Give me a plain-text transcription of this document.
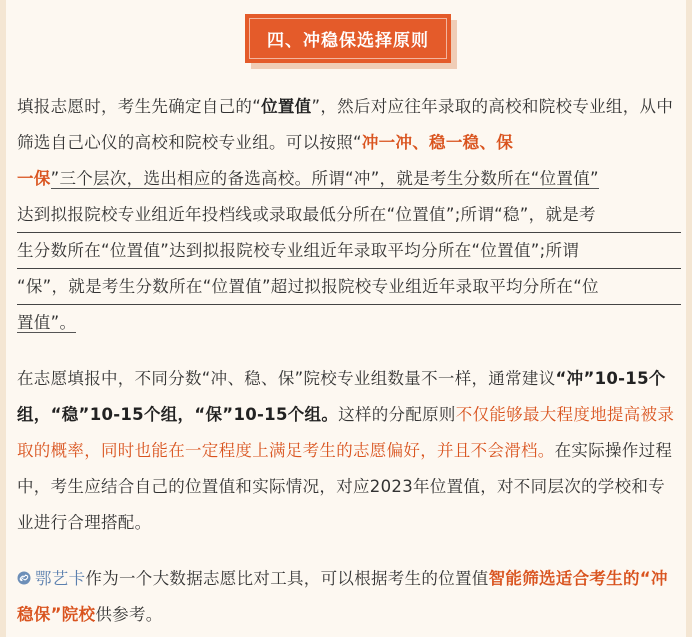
四、冲稳保选择原则
填报志愿时，考生先确定自己的“位置值”，然后对应往年录取的高校和院校专业组，从中筛选自己心仪的高校和院校专业组。可以按照“冲一冲、稳一稳、保
一保”三个层次，选出相应的备选高校。所谓“冲”，就是考生分数所在“位置值”
达到拟报院校专业组近年投档线或录取最低分所在“位置值”;所谓“稳”，就是考
生分数所在“位置值”达到拟报院校专业组近年录取平均分所在“位置值”;所谓
“保”，就是考生分数所在“位置值”超过拟报院校专业组近年录取平均分所在“位
置值”。
在志愿填报中，不同分数“冲、稳、保”院校专业组数量不一样，通常建议“冲”10-15个组，“稳”10-15个组，“保”10-15个组。这样的分配原则不仅能够最大程度地提高被录取的概率，同时也能在一定程度上满足考生的志愿偏好，并且不会滑档。在实际操作过程中，考生应结合自己的位置值和实际情况，对应2023年位置值，对不同层次的学校和专业进行合理搭配。
鄂艺卡作为一个大数据志愿比对工具，可以根据考生的位置值智能筛选适合考生的“冲稳保”院校供参考。
